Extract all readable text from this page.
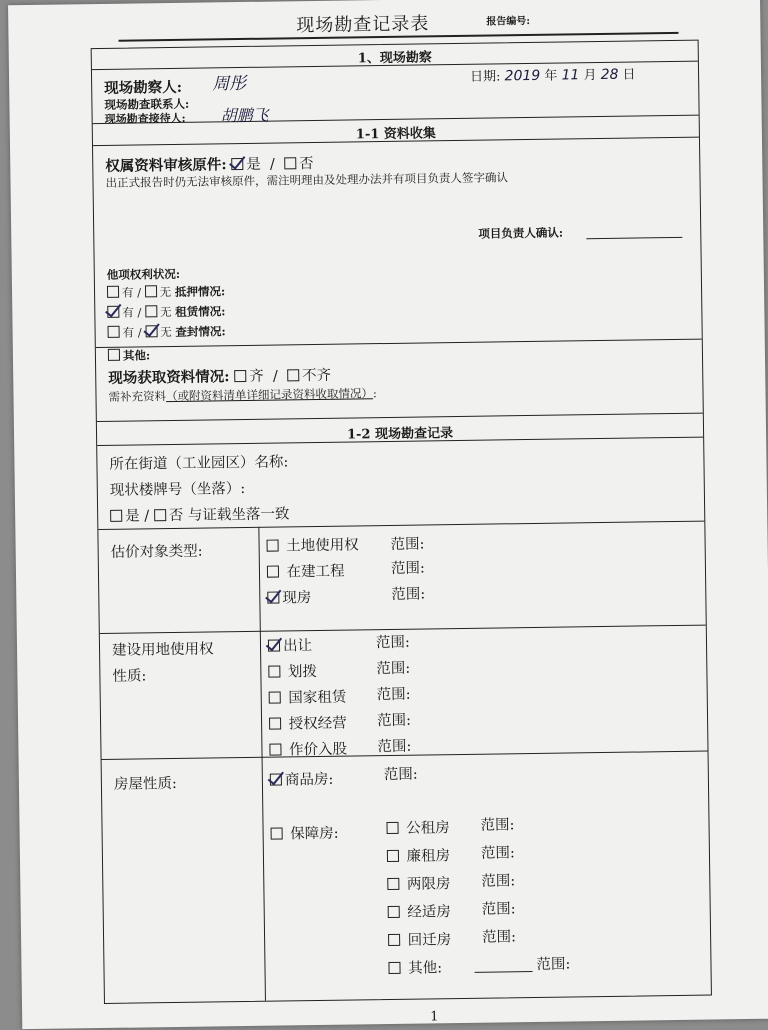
现场勘查记录表	报告编号:
1、现场勘察
现场勘察人: 周彤	日期: 2019 年 11 月 28 日
现场勘查联系人:
现场勘查接待人: 胡鹏飞
1-1 资料收集
权属资料审核原件: 是 / 否
出正式报告时仍无法审核原件，需注明理由及处理办法并有项目负责人签字确认
项目负责人确认:
他项权利状况:
有 / 无 抵押情况:
有 / 无 租赁情况:
有 / 无 查封情况:
其他:
现场获取资料情况: 齐 / 不齐
需补充资料（或附资料清单详细记录资料收取情况）:
1-2 现场勘查记录
所在街道（工业园区）名称:
现状楼牌号（坐落）:
是 / 否 与证载坐落一致
估价对象类型:	土地使用权 范围:
在建工程	范围:
现房	范围:
建设用地使用权
性质:
出让	范围:
划拨	范围:
国家租赁 范围:
授权经营 范围:
作价入股 范围:
房屋性质:	商品房:	范围:
保障房:	公租房 范围:
廉租房 范围:
两限房 范围:
经适房 范围:
回迁房 范围:
其他:	范围:
1
